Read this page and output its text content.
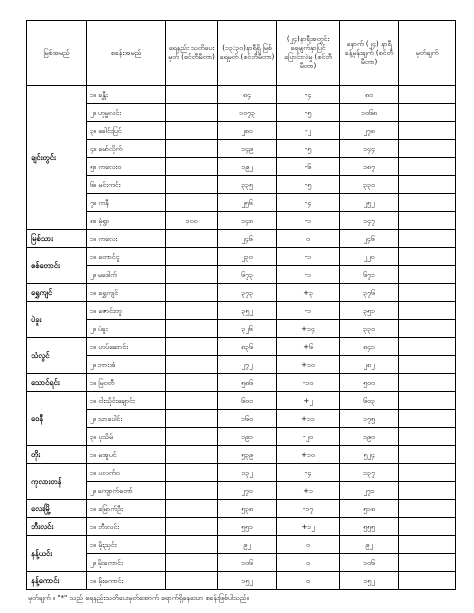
မြစ်အမည်	စခန်းအမည်	ရေနည်း သတိပေးမှတ် (စင်တီမီတာ)	(၁၃:၃၀)နာရီရှိ မြစ်ရေမှတ် (စင်တီမီတာ)	(၂၄)နာရီအတွင်း ရေမျက်နှာပြင် ပြောင်းလဲမှု (စင်တီမီတာ)	နောက် (၂၄) နာရီ ခန့်မှန်းချက် (စင်တီမီတာ)	မှတ်ချက်
ချင်းတွင်း	၁။ ခန္တီး		၈၄	-၄	၈၀	
	၂။ ဟုမ္မလင်း		၁၀၇၃	-၅	၁၀၆၈	
	၃။ ခေါင်းပြင်		၂၈၀	-၂	၂၇၈	
	၄။ မော်လိုက်		၁၄၉	-၅	၁၄၄	
	၅။ ကလေးဝ		၁၉၂	-၆	၁၈၇	
	၆။ မင်းကင်း		၃၃၅	-၅	၃၃၀	
	၇။ ကနီ		၂၅၆	-၄	၂၅၂	
	၈။ မုံရွာ	၁၀၀	၁၄၈	-၁	၁၄၇	
မြစ်သား	၁။ ကလေး		၂၄၆	၀	၂၄၆	
စစ်တောင်း	၁။ တောင်ငူ		၂၃၀	-၁	၂၂၀	
	၂။ မဒေါက်		၆၇၃	-၁	၆၇၁	
ရွှေကျင်	၁။ ရွှေကျင်		၃၇၃	+၃	၃၇၆	
ပဲခူး	၁။ ဇောင်းတူ		၃၅၂	-၁	၃၅၁	
	၂။ ပဲခူး		၃၂၆	+၁၄	၃၃၀	
သံလွင်	၁။ ဟပ်ဆောင်း		၈၃၆	+၆	၈၄၁	
	၂။ ဘားအံ		၂၇၂	+၁၀	၂၈၂	
သောင်ရင်း	၁။ မြဝတီ		၅၈၆	-၁၀	၅၀၀	
ဝေနီ	၁။ ငါးသိုင်းချောင်း		၆၀၀	+၂	၆၀၃	
	၂။ သာပေါင်း		၁၆၀	+၁၁	၁၇၅	
	၃။ ပုသိမ်		၁၉၁	-၂၀	၁၉၀	
တိုး	၁။ မအူပင်		၅၃၉	+၁၀	၅၂၄	
ကုလားတန်	၁။ ပလက်ဝ		၁၃၂	-၄	၁၃၇	
	၂။ ကျောက်တော်		၂၇၀	+၁	၂၇၁	
လေးမြို့	၁။ မြောက်ဦး		၅၃၈	-၁၇	၅၁၈	
ဘီးလင်း	၁။ ဘီးလင်း		၅၅၁	+၁၂	၅၅၅	
နန့်ယင်း	၁။ မိုးညှင်း		၉၂	၀	၉၂	
	၂။ မိုးကောင်း		၁၀၆	၀	၁၀၆	
နန့်ကောင်း	၁။ မိုးကောင်း		၁၅၂	၀	၁၅၂	
မှတ်ချက် ။ "*" သည် ရေနည်းသတိပေးမှတ်အောက် ရောက်ရှိနေသော စခန်းဖြစ်ပါသည်။
